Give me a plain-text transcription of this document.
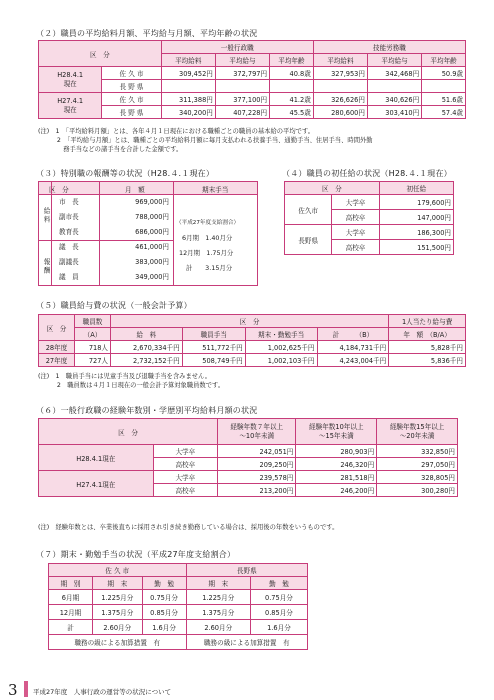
（２）職員の平均給料月額、平均給与月額、平均年齢の状況
区　分		一般行政職			技能労務職		
		平均給料	平均給与	平均年齢	平均給料	平均給与	平均年齢
H28.4.1
現在	佐 久 市	309,452円	372,797円	40.8歳	327,953円	342,468円	50.9歳
	長 野 県						
H27.4.1
現在	佐 久 市	311,388円	377,100円	41.2歳	326,626円	340,626円	51.6歳
	長 野 県	340,200円	407,228円	45.5歳	280,600円	303,410円	57.4歳
(注)　1　「平均給料月額」とは、各年４月１日現在における職種ごとの職員の基本給の平均です。
　　　2　「平均給与月額」とは、職種ごとの平均給料月額に毎月支払われる扶養手当、通勤手当、住居手当、時間外勤
　　　　務手当などの諸手当を合計した金額です。
（３）特別職の報酬等の状況（H28.４.１現在）
区　分	月　額	期末手当
給料
報酬
市　長	969,000円
副市長	788,000円
教育長	686,000円
議　長	461,000円
副議長	383,000円
議　員	349,000円
（平成27年度支給割合）
6月期　1.40月分
12月期　1.75月分
計　　3.15月分
（４）職員の初任給の状況（H28.４.１現在）
区　分		初任給
佐久市	大学卒	179,600円
	高校卒	147,000円
長野県	大学卒	186,300円
	高校卒	151,500円
（５）職員給与費の状況（一般会計予算）
区　分	職員数	区　分				1人当たり給与費
	（A）	給　料	職員手当	期末・勤勉手当	計　　　（B）	年　額　（B/A）
28年度	718人	2,670,334千円	511,772千円	1,002,625千円	4,184,731千円	5,828千円
27年度	727人	2,732,152千円	508,749千円	1,002,103千円	4,243,004千円	5,836千円
(注)　1　職員手当には児童手当及び退職手当を含みません。
　　　2　職員数は４月１日現在の一般会計予算対象職員数です。
（６）一般行政職の経験年数別・学歴別平均給料月額の状況
区　分		経験年数７年以上
～10年未満	経験年数10年以上
～15年未満	経験年数15年以上
～20年未満
H28.4.1現在	大学卒	242,051円	280,903円	332,850円
	高校卒	209,250円	246,320円	297,050円
H27.4.1現在	大学卒	239,578円	281,518円	328,805円
	高校卒	213,200円	246,200円	300,280円
(注)　経験年数とは、卒業後直ちに採用され引き続き勤務している場合は、採用後の年数をいうものです。
（７）期末・勤勉手当の状況（平成27年度支給割合）
佐 久 市			長野県	
期　別	期　末	勤　勉	期　末	勤　勉
6月期	1.225月分	0.75月分	1.225月分	0.75月分
12月期	1.375月分	0.85月分	1.375月分	0.85月分
計	2.60月分	1.6月分	2.60月分	1.6月分
職務の級による加算措置　有			職務の級による加算措置　有	
3 平成27年度　人事行政の運営等の状況について
